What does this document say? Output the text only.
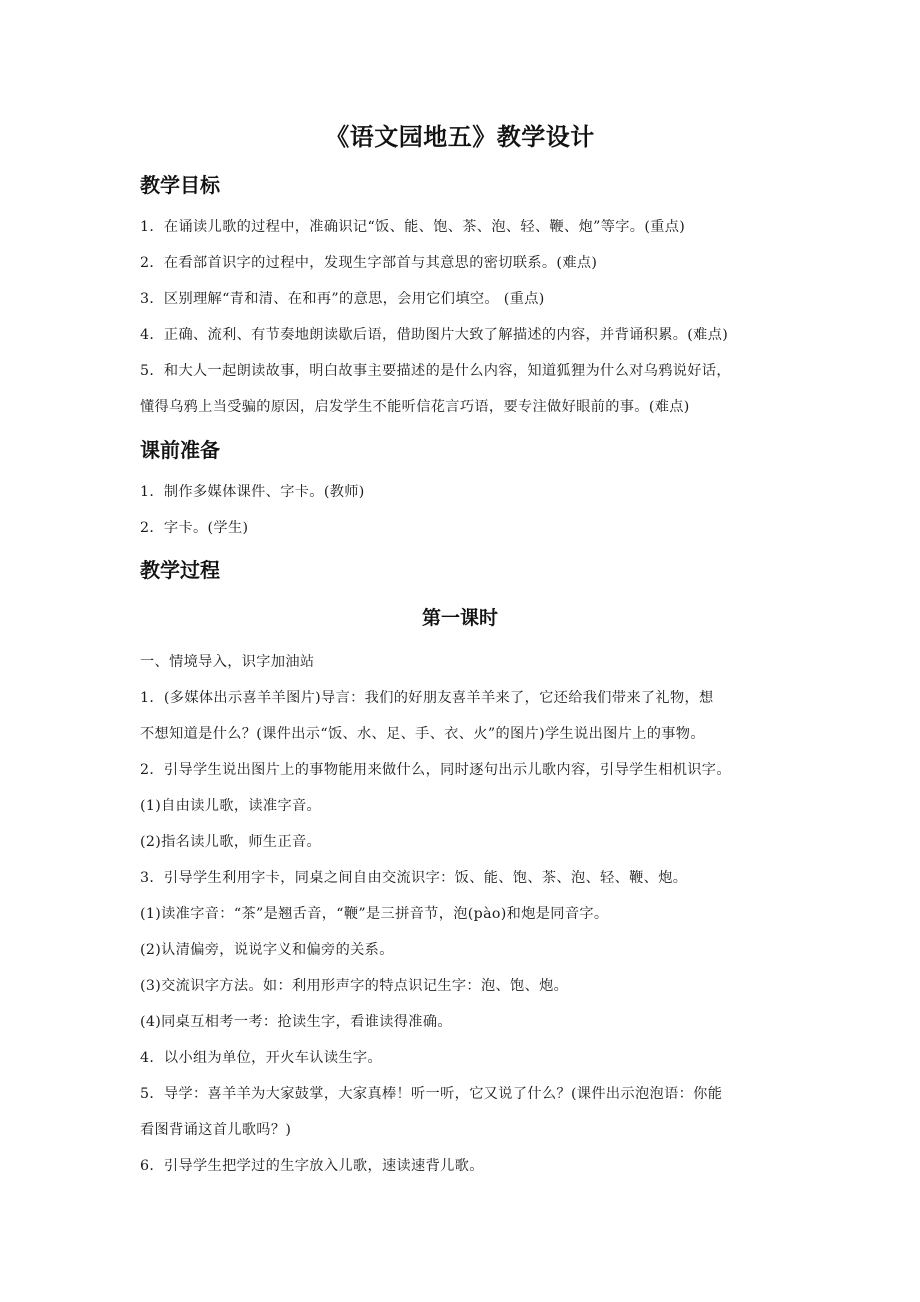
《语文园地五》教学设计
教学目标
1．在诵读儿歌的过程中，准确识记“饭、能、饱、茶、泡、轻、鞭、炮”等字。(重点)
2．在看部首识字的过程中，发现生字部首与其意思的密切联系。(难点)
3．区别理解“青和清、在和再”的意思，会用它们填空。 (重点)
4．正确、流利、有节奏地朗读歇后语，借助图片大致了解描述的内容，并背诵积累。(难点)
5．和大人一起朗读故事，明白故事主要描述的是什么内容，知道狐狸为什么对乌鸦说好话，
懂得乌鸦上当受骗的原因，启发学生不能听信花言巧语，要专注做好眼前的事。(难点)
课前准备
1．制作多媒体课件、字卡。(教师)
2．字卡。(学生)
教学过程
第一课时
一、情境导入，识字加油站
1．(多媒体出示喜羊羊图片)导言：我们的好朋友喜羊羊来了，它还给我们带来了礼物，想
不想知道是什么？(课件出示“饭、水、足、手、衣、火”的图片)学生说出图片上的事物。
2．引导学生说出图片上的事物能用来做什么，同时逐句出示儿歌内容，引导学生相机识字。
(1)自由读儿歌，读准字音。
(2)指名读儿歌，师生正音。
3．引导学生利用字卡，同桌之间自由交流识字：饭、能、饱、茶、泡、轻、鞭、炮。
(1)读准字音：“茶”是翘舌音，“鞭”是三拼音节，泡(pào)和炮是同音字。
(2)认清偏旁，说说字义和偏旁的关系。
(3)交流识字方法。如：利用形声字的特点识记生字：泡、饱、炮。
(4)同桌互相考一考：抢读生字，看谁读得准确。
4．以小组为单位，开火车认读生字。
5．导学：喜羊羊为大家鼓掌，大家真棒！听一听，它又说了什么？(课件出示泡泡语：你能
看图背诵这首儿歌吗？)
6．引导学生把学过的生字放入儿歌，速读速背儿歌。
